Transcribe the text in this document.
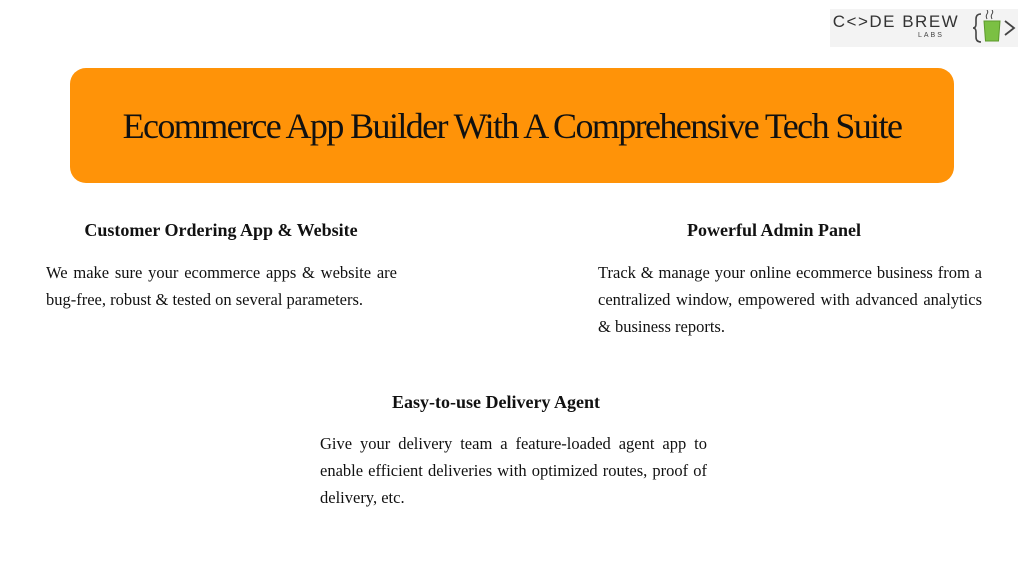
C<>DE BREW
LABS
Ecommerce App Builder With A Comprehensive Tech Suite
Customer Ordering App & Website
We make sure your ecommerce apps & website are bug-free, robust & tested on several parameters.
Powerful Admin Panel
Track & manage your online ecommerce business from a centralized window, empowered with advanced analytics & business reports.
Easy-to-use Delivery Agent
Give your delivery team a feature-loaded agent app to enable efficient deliveries with optimized routes, proof of delivery, etc.
